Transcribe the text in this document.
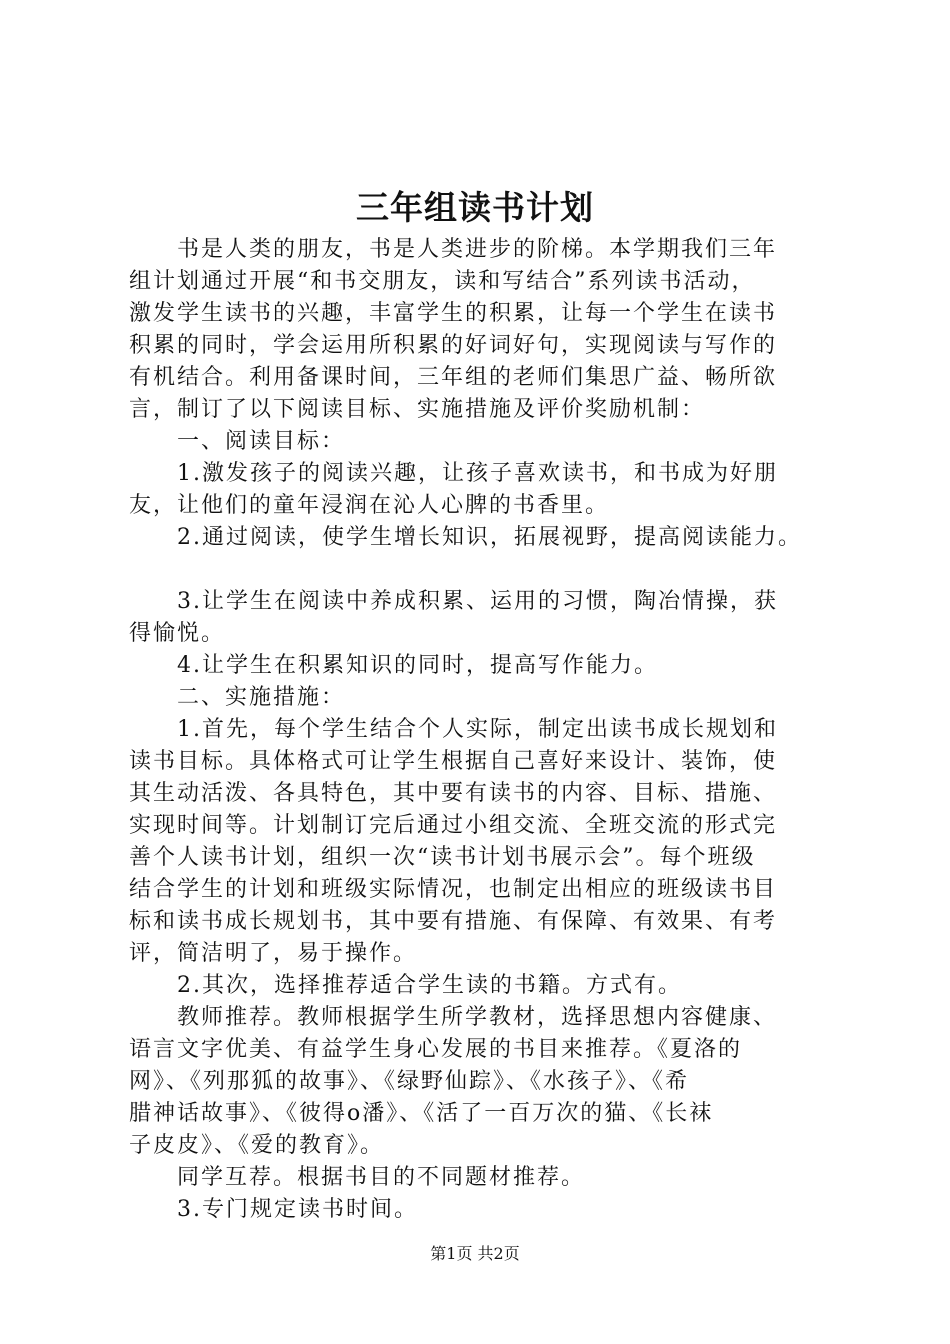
三年组读书计划
　　书是人类的朋友，书是人类进步的阶梯。本学期我们三年
组计划通过开展“和书交朋友，读和写结合”系列读书活动，
激发学生读书的兴趣，丰富学生的积累，让每一个学生在读书
积累的同时，学会运用所积累的好词好句，实现阅读与写作的
有机结合。利用备课时间，三年组的老师们集思广益、畅所欲
言，制订了以下阅读目标、实施措施及评价奖励机制：
　　一、阅读目标：
　　1.激发孩子的阅读兴趣，让孩子喜欢读书，和书成为好朋
友，让他们的童年浸润在沁人心脾的书香里。
　　2.通过阅读，使学生增长知识，拓展视野，提高阅读能力。
　　3.让学生在阅读中养成积累、运用的习惯，陶冶情操，获
得愉悦。
　　4.让学生在积累知识的同时，提高写作能力。
　　二、实施措施：
　　1.首先，每个学生结合个人实际，制定出读书成长规划和
读书目标。具体格式可让学生根据自己喜好来设计、装饰，使
其生动活泼、各具特色，其中要有读书的内容、目标、措施、
实现时间等。计划制订完后通过小组交流、全班交流的形式完
善个人读书计划，组织一次“读书计划书展示会”。每个班级
结合学生的计划和班级实际情况，也制定出相应的班级读书目
标和读书成长规划书，其中要有措施、有保障、有效果、有考
评，简洁明了，易于操作。
　　2.其次，选择推荐适合学生读的书籍。方式有。
　　教师推荐。教师根据学生所学教材，选择思想内容健康、
语言文字优美、有益学生身心发展的书目来推荐。《夏洛的
网》、《列那狐的故事》、《绿野仙踪》、《水孩子》、《希
腊神话故事》、《彼得o潘》、《活了一百万次的猫、《长袜
子皮皮》、《爱的教育》。
　　同学互荐。根据书目的不同题材推荐。
　　3.专门规定读书时间。
第1页 共2页
